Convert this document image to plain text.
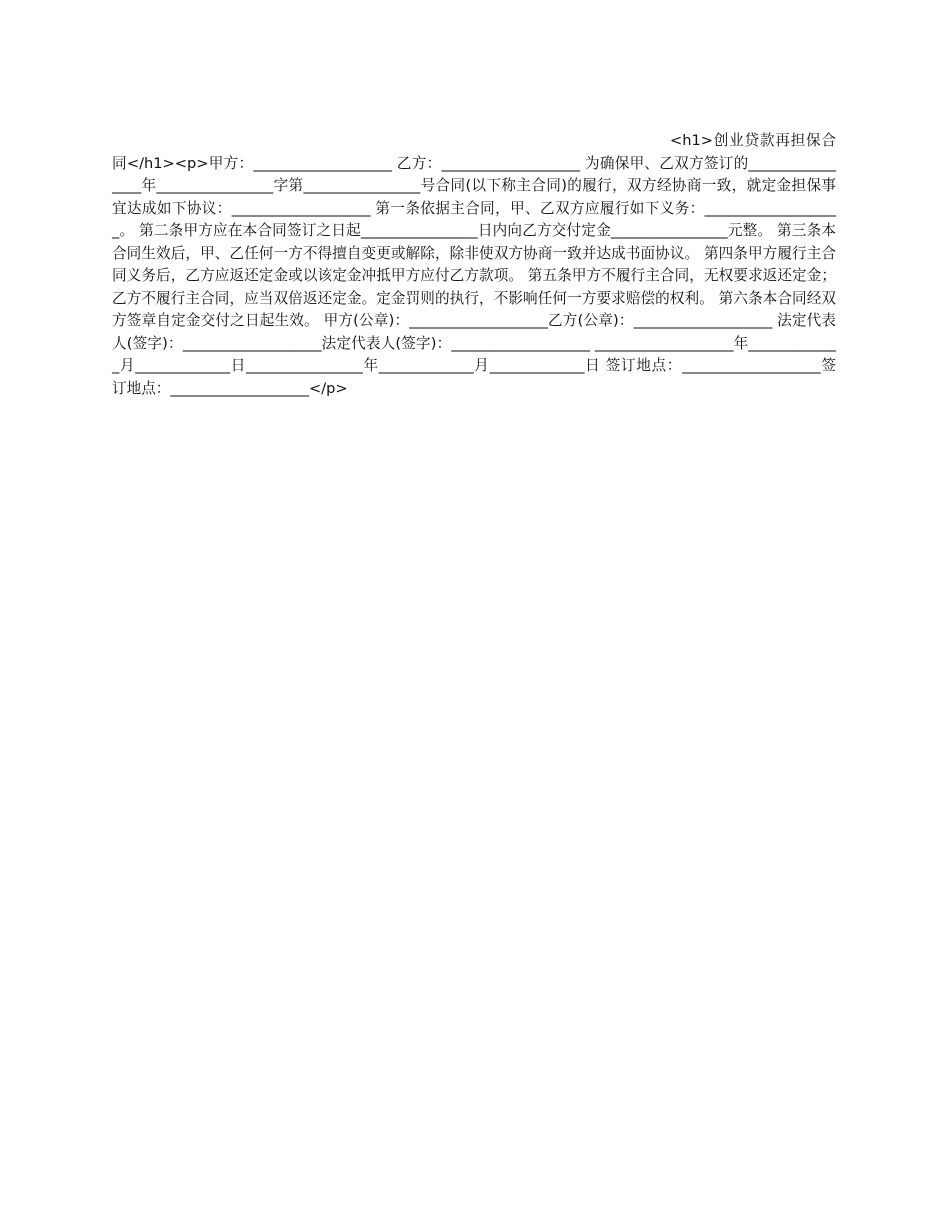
<h1>创业贷款再担保合同</h1><p>甲方：___________________ 乙方：___________________ 为确保甲、乙双方签订的________________年________________字第________________号合同(以下称主合同)的履行，双方经协商一致，就定金担保事宜达成如下协议：___________________ 第一条依据主合同，甲、乙双方应履行如下义务：___________________。 第二条甲方应在本合同签订之日起________________日内向乙方交付定金________________元整。 第三条本合同生效后，甲、乙任何一方不得擅自变更或解除，除非使双方协商一致并达成书面协议。 第四条甲方履行主合同义务后，乙方应返还定金或以该定金冲抵甲方应付乙方款项。 第五条甲方不履行主合同，无权要求返还定金；乙方不履行主合同，应当双倍返还定金。定金罚则的执行，不影响任何一方要求赔偿的权利。 第六条本合同经双方签章自定金交付之日起生效。 甲方(公章)：___________________乙方(公章)：___________________ 法定代表人(签字)：___________________法定代表人(签字)：___________________ ___________________年_____________月_____________日________________年_____________月_____________日 签订地点：___________________签订地点：___________________</p>
